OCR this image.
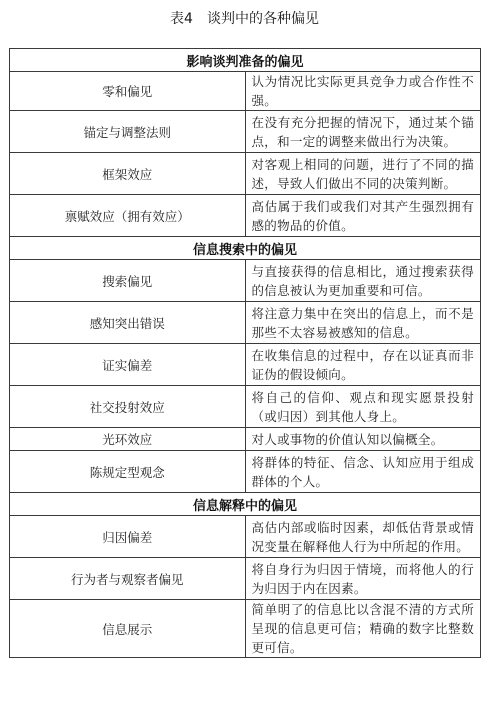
表4　谈判中的各种偏见
影响谈判准备的偏见	
零和偏见	认为情况比实际更具竞争力或合作性不强。
锚定与调整法则	在没有充分把握的情况下，通过某个锚点，和一定的调整来做出行为决策。
框架效应	对客观上相同的问题，进行了不同的描述，导致人们做出不同的决策判断。
禀赋效应（拥有效应）	高估属于我们或我们对其产生强烈拥有感的物品的价值。
信息搜索中的偏见	
搜索偏见	与直接获得的信息相比，通过搜索获得的信息被认为更加重要和可信。
感知突出错误	将注意力集中在突出的信息上，而不是那些不太容易被感知的信息。
证实偏差	在收集信息的过程中，存在以证真而非证伪的假设倾向。
社交投射效应	将自己的信仰、观点和现实愿景投射（或归因）到其他人身上。
光环效应	对人或事物的价值认知以偏概全。
陈规定型观念	将群体的特征、信念、认知应用于组成群体的个人。
信息解释中的偏见	
归因偏差	高估内部或临时因素，却低估背景或情况变量在解释他人行为中所起的作用。
行为者与观察者偏见	将自身行为归因于情境，而将他人的行为归因于内在因素。
信息展示	简单明了的信息比以含混不清的方式所呈现的信息更可信；精确的数字比整数更可信。
